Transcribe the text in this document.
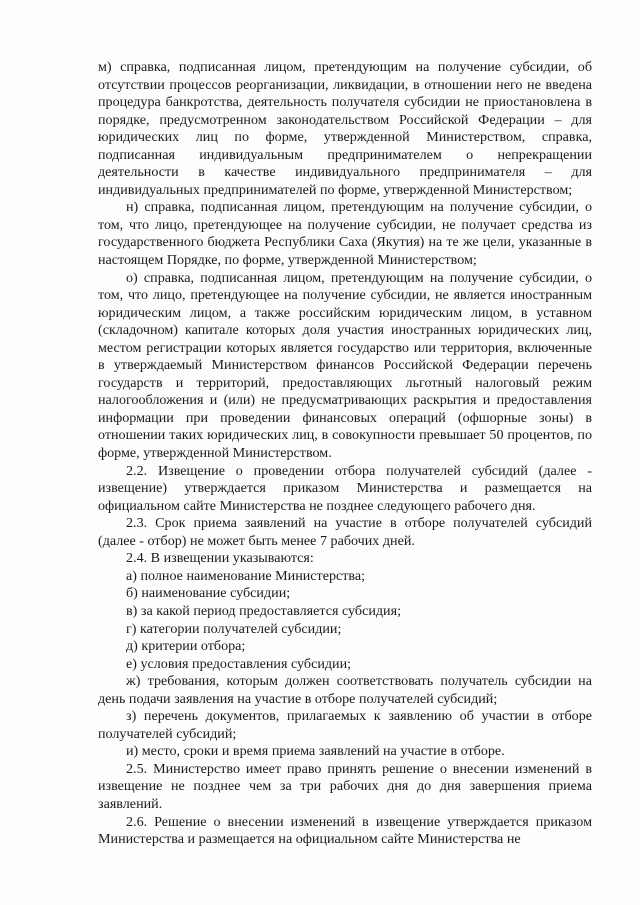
м) справка, подписанная лицом, претендующим на получение субсидии, об отсутствии процессов реорганизации, ликвидации, в отношении него не введена процедура банкротства, деятельность получателя субсидии не приостановлена в порядке, предусмотренном законодательством Российской Федерации – для юридических лиц по форме, утвержденной Министерством, справка, подписанная индивидуальным предпринимателем о непрекращении деятельности в качестве индивидуального предпринимателя – для индивидуальных предпринимателей по форме, утвержденной Министерством;

н) справка, подписанная лицом, претендующим на получение субсидии, о том, что лицо, претендующее на получение субсидии, не получает средства из государственного бюджета Республики Саха (Якутия) на те же цели, указанные в настоящем Порядке, по форме, утвержденной Министерством;

о) справка, подписанная лицом, претендующим на получение субсидии, о том, что лицо, претендующее на получение субсидии, не является иностранным юридическим лицом, а также российским юридическим лицом, в уставном (складочном) капитале которых доля участия иностранных юридических лиц, местом регистрации которых является государство или территория, включенные в утверждаемый Министерством финансов Российской Федерации перечень государств и территорий, предоставляющих льготный налоговый режим налогообложения и (или) не предусматривающих раскрытия и предоставления информации при проведении финансовых операций (офшорные зоны) в отношении таких юридических лиц, в совокупности превышает 50 процентов, по форме, утвержденной Министерством.

2.2. Извещение о проведении отбора получателей субсидий (далее - извещение) утверждается приказом Министерства и размещается на официальном сайте Министерства не позднее следующего рабочего дня.

2.3. Срок приема заявлений на участие в отборе получателей субсидий (далее - отбор) не может быть менее 7 рабочих дней.

2.4. В извещении указываются:

а) полное наименование Министерства;

б) наименование субсидии;

в) за какой период предоставляется субсидия;

г) категории получателей субсидии;

д) критерии отбора;

е) условия предоставления субсидии;

ж) требования, которым должен соответствовать получатель субсидии на день подачи заявления на участие в отборе получателей субсидий;

з) перечень документов, прилагаемых к заявлению об участии в отборе получателей субсидий;

и) место, сроки и время приема заявлений на участие в отборе.

2.5. Министерство имеет право принять решение о внесении изменений в извещение не позднее чем за три рабочих дня до дня завершения приема заявлений.

2.6. Решение о внесении изменений в извещение утверждается приказом Министерства и размещается на официальном сайте Министерства не
